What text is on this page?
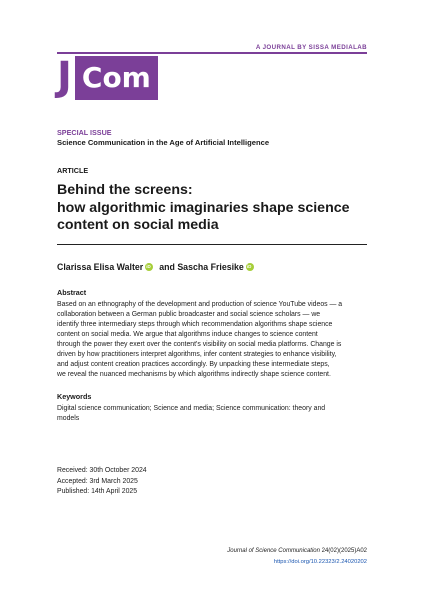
A JOURNAL BY SISSA MEDIALAB
J Com
SPECIAL ISSUE
Science Communication in the Age of Artificial Intelligence
ARTICLE
Behind the screens:
how algorithmic imaginaries shape science
content on social media
Clarissa Elisa Walter
iD and Sascha Friesike
iD
Abstract
Based on an ethnography of the development and production of science YouTube videos — a
collaboration between a German public broadcaster and social science scholars — we
identify three intermediary steps through which recommendation algorithms shape science
content on social media. We argue that algorithms induce changes to science content
through the power they exert over the content's visibility on social media platforms. Change is
driven by how practitioners interpret algorithms, infer content strategies to enhance visibility,
and adjust content creation practices accordingly. By unpacking these intermediate steps,
we reveal the nuanced mechanisms by which algorithms indirectly shape science content.
Keywords
Digital science communication; Science and media; Science communication: theory and
models
Received: 30th October 2024
Accepted: 3rd March 2025
Published: 14th April 2025
Journal of Science Communication 24(02)(2025)A02
https://doi.org/10.22323/2.24020202
